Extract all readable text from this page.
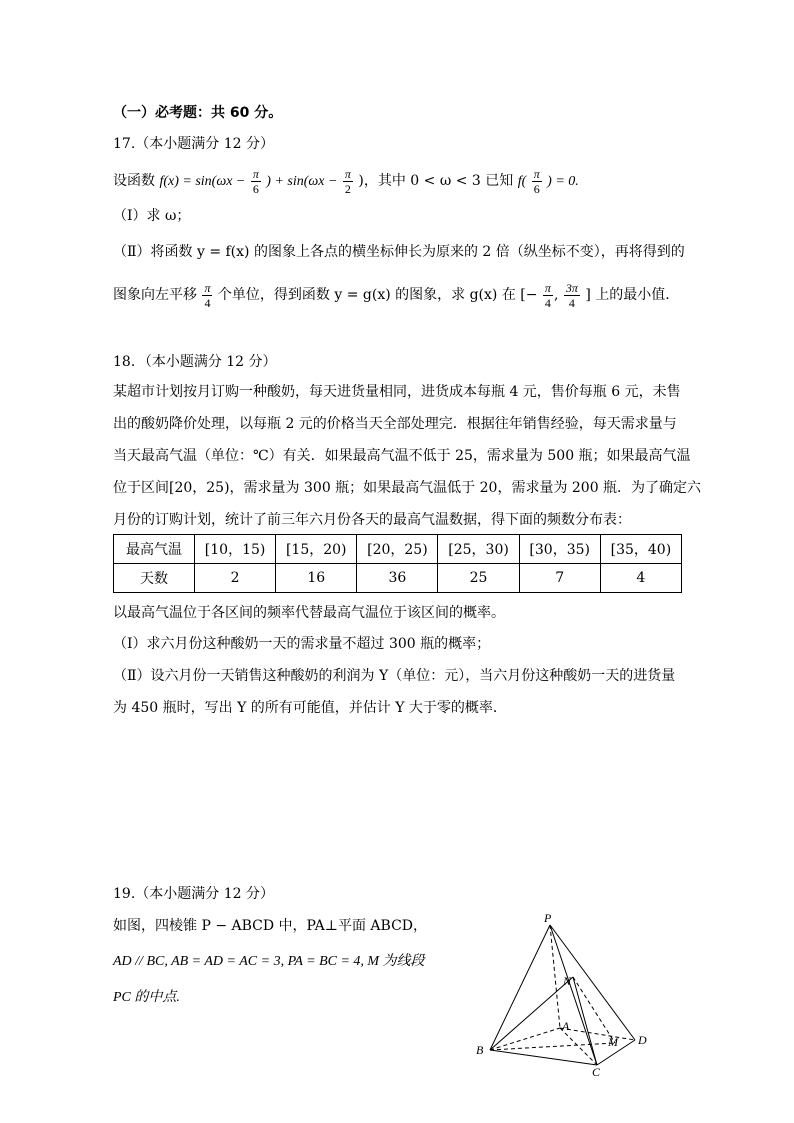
（一）必考题：共 60 分。
17.（本小题满分 12 分）
设函数 $f(x) = \sin(\omega x - \frac{\pi}{6}$ ) + $\sin(\omega x - \frac{\pi}{2}$ )，其中 0 < ω < 3 已知 $f( \frac{\pi}{6}$ ) = 0.
（Ⅰ）求 ω；
（Ⅱ）将函数 y = f(x) 的图象上各点的横坐标伸长为原来的 2 倍（纵坐标不变），再将得到的
图象向左平移 $\frac{\pi}{4}$ 个单位，得到函数 y = g(x) 的图象，求 g(x) 在 [− $\frac{\pi}{4}$ , $\frac{3\pi}{4}$ ] 上的最小值.
18．（本小题满分 12 分）
某超市计划按月订购一种酸奶，每天进货量相同，进货成本每瓶 4 元，售价每瓶 6 元，未售
出的酸奶降价处理，以每瓶 2 元的价格当天全部处理完．根据往年销售经验，每天需求量与
当天最高气温（单位：℃）有关．如果最高气温不低于 25，需求量为 500 瓶；如果最高气温
位于区间[20，25)，需求量为 300 瓶；如果最高气温低于 20，需求量为 200 瓶．为了确定六
月份的订购计划，统计了前三年六月份各天的最高气温数据，得下面的频数分布表：
最高气温	[10，15)	[15，20)	[20，25)	[25，30)	[30，35)	[35，40)
天数	2	16	36	25	7	4
以最高气温位于各区间的频率代替最高气温位于该区间的概率。
（Ⅰ）求六月份这种酸奶一天的需求量不超过 300 瓶的概率；
（Ⅱ）设六月份一天销售这种酸奶的利润为 Y（单位：元），当六月份这种酸奶一天的进货量
为 450 瓶时，写出 Y 的所有可能值，并估计 Y 大于零的概率．
19.（本小题满分 12 分）
如图，四棱锥 P − ABCD 中，PA⊥平面 ABCD，
AD // BC, AB = AD = AC = 3, PA = BC = 4, M 为线段
PC 的中点.
P
A
B
C
D
N
M
